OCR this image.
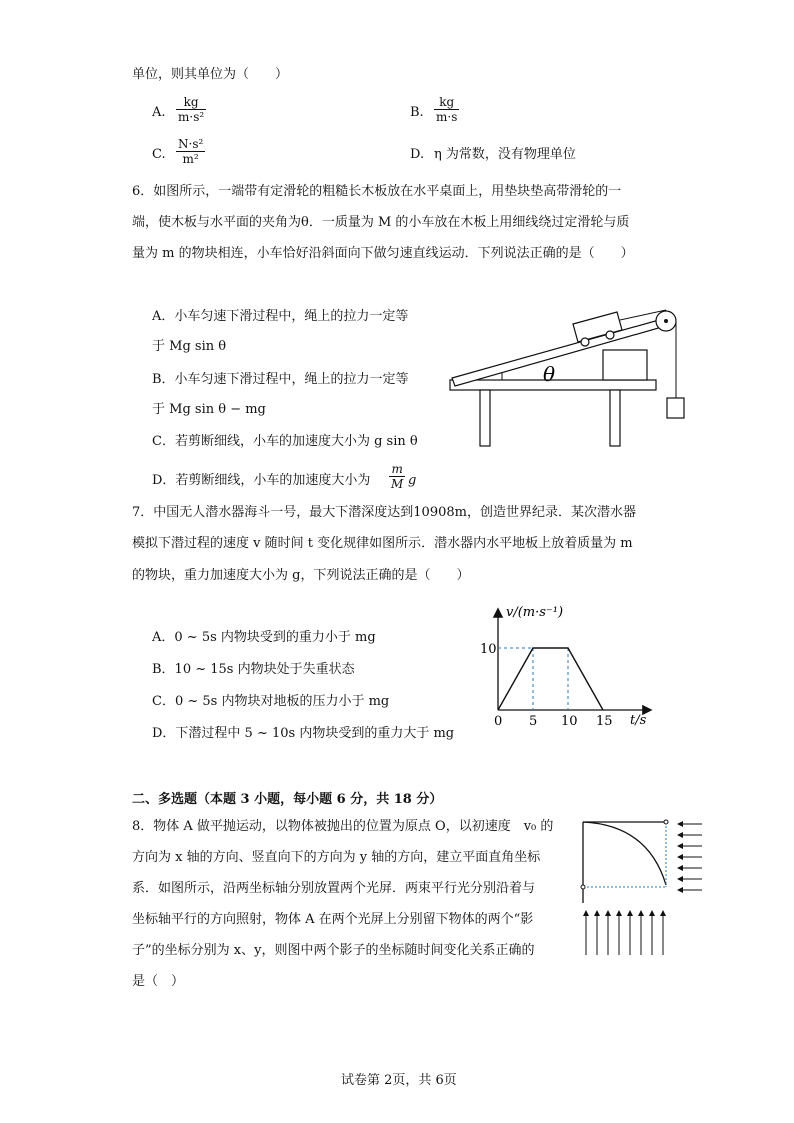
单位，则其单位为（　　）
A. $\frac{kg}{\text{m·s²}}$	B. $\frac{kg}{m\cdot s}$
C. $\frac{\text{N·s²}}{\text{m²}}$	D. η 为常数，没有物理单位
6．如图所示，一端带有定滑轮的粗糙长木板放在水平桌面上，用垫块垫高带滑轮的一
端，使木板与水平面的夹角为θ．一质量为 M 的小车放在木板上用细线绕过定滑轮与质
量为 m 的物块相连，小车恰好沿斜面向下做匀速直线运动．下列说法正确的是（　　）
A．小车匀速下滑过程中，绳上的拉力一定等
于 Mg sin θ
B．小车匀速下滑过程中，绳上的拉力一定等
于 Mg sin θ − mg
C．若剪断细线，小车的加速度大小为 g sin θ
D．若剪断细线，小车的加速度大小为 $\frac{m}{M}$ g
θ
7．中国无人潜水器海斗一号，最大下潜深度达到10908m，创造世界纪录．某次潜水器
模拟下潜过程的速度 v 随时间 t 变化规律如图所示．潜水器内水平地板上放着质量为 m
的物块，重力加速度大小为 g，下列说法正确的是（　　）
A．0 ~ 5s 内物块受到的重力小于 mg
B．10 ~ 15s 内物块处于失重状态
C．0 ~ 5s 内物块对地板的压力小于 mg
D．下潜过程中 5 ~ 10s 内物块受到的重力大于 mg
v/(m·s⁻¹)
t/s
0 5 10 15
10
二、多选题（本题 3 小题，每小题 6 分，共 18 分）
8．物体 A 做平抛运动，以物体被抛出的位置为原点 O，以初速度　v₀ 的
方向为 x 轴的方向、竖直向下的方向为 y 轴的方向，建立平面直角坐标
系．如图所示，沿两坐标轴分别放置两个光屏．两束平行光分别沿着与
坐标轴平行的方向照射，物体 A 在两个光屏上分别留下物体的两个“影
子”的坐标分别为 x、y，则图中两个影子的坐标随时间变化关系正确的
是（　）
试卷第 2页，共 6页
